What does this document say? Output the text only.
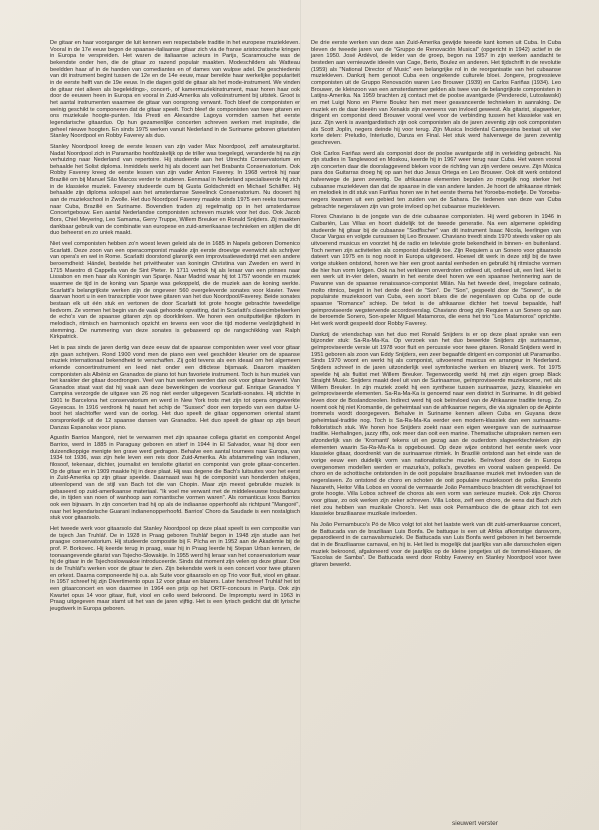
De gitaar en haar voorganger de luit kennen een respectabele traditie in het europese muziekleven. Vooral in de 17e eeuw begon de spaanse-italiaanse gitaar zich via de franse aristocratische kringen in Europa te verspreiden. Het waren de italiaanse acteurs in Parijs, Scaramouche was de bekendste onder hen, die de gitaar zo razend populair maakten. Modeschilders als Watteau beeldden haar af in de handen van comediantes en of dames van wulpse adel. De geschiedenis van dit instrument begint tussen de 12e en de 14e eeuw, maar bereikte haar werkelijke populariteit in de eerste helft van de 19e eeuw. In die dagen gold de gitaar als het mode-instrument. We vinden de gitaar niet alleen als begeleidings-, concert-, of kamermuziekinstrument, maar horen haar ook door de eeuwen heen in Europa en vooral in Zuid-Amerika als volksinstrument bij uitstek. Groot is het aantal instrumenten waarmee de gitaar van oorsprong verwant. Toch bleef de componisten er weinig geschikt te componeren dat de gitaar speelt. Toch bleef de componisten van twee gitaren en ons muziekale hoogte-punten. Ida Presti en Alexandre Lagoya vormden samen het eerste legendarische gitaarduo. Op hun gezamenlijke concerten schreven werken met inspiratie, die geheel nieuwe hoogten. En sinds 1975 werken vanuit Nederland in de Suriname geboren gitaristen Stanley Noordpool en Robby Faverey als duo.

Stanley Noordpool kreeg de eerste lessen van zijn vader Max Noordpool, zelf amateurgitarist. Nadat Noordpool zich in Paramaribo hoofdzakelijk op de triller was toegelegd, veranderde hij na zijn verhuizing naar Nederland van repertoire. Hij studeerde aan het Utrechts Conservatorium en behaalde het Solist diploma. Inmiddels werkt hij als docent aan het Brabants Conservatorium. Ook Robby Faverey kreeg de eerste lessen van zijn vader Anton Faverey. In 1968 vertrok hij naar Brazilië om bij Manuel São Marcos verder te studeren. Eenmaal in Nederland specialiseerde hij zich in de klassieke muziek. Faverey studeerde cum bij Gusta Goldschmidt en Michael Schäffer. Hij behaalde zijn diploma solospel aan het amsterdamse Sweelinck Conservatorium. Nu doceert hij aan de muziekschool in Zwolle. Het duo Noordpool Faverey maakte sinds 1975 een reeks tournees naar Cuba, Brazilië en Suriname. Bovendien traden zij regelmatig op in het amsterdamse Concertgebouw. Een aantal Nederlandse componisten schreven muziek voor het duo. Ook Jacob Bors, Chiel Meyering, Leo Samama, Gerry Truppe, Willem Breuker en Ronald Snijders. Zij maakten dankbaar gebruik van de combinatie van europese en zuid-amerikaanse technieken en stijlen die dit duo beheerst en zo uniek maakt.

Niet veel componisten hebben zo'n woest leven geleid als de in 1685 in Napels geboren Domenico Scarlatti. Deze zoon van een operacomponist maakte zijn eerste droevige evenwicht als schrijver van opera's en wel in Rome. Scarlatti doorstond glansrijk een improvisatiewedstrijd met een andere beroemdheid: Händel, bestelde het privétheater van koningin Christina van Zweden en werd in 1715 Maestro di Cappella van de Sint Pieter. In 1711 vertrok hij als leraar van een prinses naar Lissabon en men haar als Koningin van Spanje. Naar Madrid waar hij tot 1757 woonde en muziek waarmee de tijd in de koning van Spanje was gekoppeld, die de muziek aan de koning werkte. Scarlatti's belangrijkste werken zijn de ongeveer 560 overgeleverde sonates voor klavier. Twee daarvan hoort u in een transcriptie voor twee gitaren van het duo Noordpool/Faverey. Beide sonates bestaan elk uit één stuk en vertonen de door Scarlatti tot grote hoogte gebrachte tweedelige liedvorm. Ze vormen het begin van de vaak gehoorde opvatting, dat in Scarlatti's clavecimbelwerken de echo's van de spaanse gitaren zijn op doorklinken. We horen een onuitputtelijke rijkdom in melodisch, ritmisch en harmonisch opzicht en tevens een voor die tijd moderne veelzijdigheid in stemming. De nummering van deze sonates is gebaseerd op de rangschikking van Ralph Kirkpatrick.

Het is pas sinds de jaren dertig van deze eeuw dat de spaanse componisten weer veel voor gitaar zijn gaan schrijven. Rond 1900 vond men de piano een veel geschikter kleurier om de spaanse muziek internationaal bekendheid te verschaffen. Zij gold tevens als een ideaal om het algemeen erkende concertinstrument en leed niet onder een ditictese bijsmaak. Daarom maakten componisten als Albéniz en Granados de piano tot hun favoriete instrument. Toch is hun muziek van het karakter der gitaar doordrongen. Veel van hun werken werden dan ook voor gitaar bewerkt. Van Granados staat vast dat hij vaak aan deze bewerkingen de voorkeur gaf. Enrique Granados Y Campina verzorgde de uitgave van 26 nog niet eerder uitgegeven Scarlatti-sonates. Hij stichtte in 1901 te Barcelona het conservatorium en werd in New York trots met zijn tot opera omgewerkte Goyescas. In 1916 verdronk hij naast het schip de "Sussex" door een torpedo van een duitse U-boot het slachtoffer werd van de oorlog. Het duo speelt de gitaar opgenomen oriental stamt oorspronkelijk uit de 12 spaanse dansen van Granados. Het duo speelt de gitaar op zijn beurt Danzas Espanolas voor piano.

Agustín Barrios Mangoré, niet te verwarren met zijn spaanse collega gitarist en componist Angel Barrios, werd in 1885 in Paraguay geboren en stierf in 1944 in El Salvador, waar hij door een duizendkoppige menigte ten grave werd gedragen. Behalve een aantal tournees naar Europa, van 1934 tot 1936, was zijn hele leven een reis door Zuid-Amerika. Als afstammeling van indianen, filosoof, tekenaar, dichter, journalist en tenslotte gitarist en componist van grote gitaar-concerten. Op de gitaar en in 1909 maakte hij in deze plaat. Hij was degene die Bach's luitsuites voor het eerst in Zuid-Amerika op zijn gitaar speelde. Daarnaast was hij de componist van honderden stukjes, uiteenlopend van de stijl van Bach tot die van Chopin. Maar zijn meest gebruikte muziek is gebaseerd op zuid-amerikaanse materiaal. "Ik voel me verwant met de middeleeuwse troubadours die, in tijden van noen of wanhoop aan romantische vormen waren". Als romanticus koos Barrios ook een bijnaam. In zijn concerten trad hij op als de indiaanse opperhoofd als richtpunt "Mangoré", naar het legendarische Guarani indianenopperhoofd. Barrios' Choro da Saudade is een nostalgisch stuk voor gitaarsolo.

Het tweede werk voor gitaarsolo dat Stanley Noordpool op deze plaat speelt is een compositie van de tsjech Jan Truhlář. De in 1928 in Praag geboren Truhlář begon in 1948 zijn studie aan het praagse conservatorium. Hij studeerde compositie bij F. Pícha en in 1952 aan de Akademie bij de prof. P. Borkovec. Hij keerde terug in praag, waar hij in Praag leerde hij Stepan Urban kennen, de toonaangevende gitarist van Tsjecho-Slowakije. In 1955 werd hij leraar van het conservatorium waar hij de gitaar in de Tsjechoslowaakse introduceerde. Sinds dat moment zijn velen op deze gitaar. Doe is de Truhlář's werken voor de gitaar te zien. Zijn bekendste werk is een concert voor twee gitaren en orkest. Daarna componeerde hij o.a. als Suite voor gitaarsolo en op Trio voor fluit, viool en gitaar. In 1957 schreef hij zijn Divertimento opus 12 voor gitaar en blazers. Later herschreef Truhlář het tot een gitaarconcert en won daarmee in 1964 een prijs op het ORTF-concours in Parijs. Ook zijn Kwartet opus 14 voor gitaar, fluit, viool en cello werd bekroond. De Impromptu werd in 1963 in Praag uitgegeven maar stamt uit het van de jaren vijftig. Het is een lyrisch gedicht dat dit lyrische jeugdwerk in Europa geboren.

De drie eerste werken van deze aan Zuid-Amerika gewijde tweede kant komen uit Cuba. In Cuba bleven de tweede jaren van de "Gruppo de Renovación Musical" (opgericht in 1942) actief in de jaren 1950. José Ardévol, de leider van de groep, begon na 1957 in zijn werken aandacht te besteden aan vernieuwde ideeën van Cage, Berio, Boulez en anderen. Het tijdschrift in de revolutie (1959) als "National Director of Music" een belangrijke rol in de reorganisatie van het cubaanse muziekleven. Dankzij hem genoot Cuba een ongekende culturele bloei. Jongere, progressieve componisten uit de Gruppo Renovación waren Leo Brouwer (1939) en Carlos Fariñas (1934). Leo Brouwer, de kleinzoon van een amsterdammer gelden als twee van de belangrijkste componisten in Latijns-Amerika. Na 1959 brachten zij contact met de poolse avantgarde (Penderecki, Lutosławski) en met Luigi Nono en Pierre Boulez hen met meer geavanceerde technieken in aanraking. De muziek en de daar ideeën van Xenakis zijn eveneens van invloed geweest. Als gitarist, slagwerker, dirigent en componist deed Brouwer vooral veel voor de verbinding tussen het klassieke vak en jazz. Zijn werk is avantgardistisch zijn ook componisten als de jaren zeventig zijn ook componisten als Scott Joplin, negers deinde hij voor terug. Zijn Musica Incidental Campesina bestaat uit vier korte delen: Preludio, Interludio, Danza en Final. Het stuk werd halverwege de jaren zeventig geschreven.

Ook Carlos Fariñas werd als componist door de poolse avantgarde stijl in verleiding gebracht. Na zijn studies in Tanglewood en Moskou, keerde hij in 1967 weer terug naar Cuba. Het waren vooral zijn concerten daar die doorslaggevend bleken voor de richting van zijn verdere oeuvre. Zijn Música para dos Guitarras droeg hij op aan het duo Jesus Ortega en Leo Brouwer. Ook dit werk ontstond halverwege de jaren zeventig. De afrikaanse elementen bepalen zo mogelijk nog sterker het cubaanse muziekleven dan dat de spaanse in die van andere landen. Je hoort de afrikaanse ritmiek en melodiek in dit stuk van Fariñas horen we in het eerste thema het Yoroeba-motiefje. De Yoroeba-negers kwamen uit een gebied ten zuiden van de Sahara. De tiedenen van deze van Cuba gebrachte negerslaven zijn van grote invloed op het cubaanse muziekleven.

Flores Chaviano is de jongste van de drie cubaanse componisten. Hij werd geboren in 1946 in Caibarién, Las Villas en hoort duidelijk tot de tweede generatie. Na een algemene opleiding studeerde hij gitaar bij de cubaanse "Sodfischer" van dit instrument Isaac Nicola, leerlingen van Oscar Vargas en volgde cursussen bij Leo Brouwer. Chaviano treedt sinds 1970 steeds vaker op als uitvoerend musicus en voorziet hij de radio en televisie grote bekendheid in binnen- en buitenland. Toch nemen zijn activiteiten als componist duidelijk toe. Zijn Requiem a un Sonero voor gitaarsolo dateert van 1975 en is nog nooit in Europa uitgevoerd. Hoewel dit werk in deze stijl bij de twee vorige stukken ontstond, horen we hier een groot aantal eenheden en gebruikt hij ritmische vormen die hier hun vorm krijgen. Ook na het verklaren onverdroten ontleed uit, ontleed uit, een lied. Het is een werk uit in-vier delen, waarin in het eerste deel horen we een spaanse herinnering aan de Pavanne van de spaanse renaissance-componist Milán. Na het tweede deel, irregolare ostinato, molto ritmico, begint in het derde deel de "Son". De "Son", gespeeld door de "Sonero", is de populairste muzieksoort van Cuba, een soort blues die de negerslaven op Cuba op de oude spaanse "Romance" schiep. De tekst is de afrikaanse dichter het toeval bepaalde, half geimproviseerde wegstervende accordoverslag. Chaviano droeg zijn Requiem a un Sonero op aan de beroemde Sonero, Son-speler Miguel Matamoros, die eens het trio "Los Matamoros" oprichtte. Het werk wordt gespeeld door Robby Faverey.

Dankzij de vriendschap van het duo met Ronald Snijders is er op deze plaat sprake van een bijzonder stuk: Sa-Ra-Ma-Ka. Op verzoek van het duo bewerkte Snijders zijn surinaamse, geïmproviseerde versie uit 1978 voor fluit en percussie voor twee gitaren. Ronald Snijders werd in 1951 geboren als zoon van Eddy Snijders, een zeer begaafde dirigent en componist uit Paramaribo. Sinds 1970 woont en werkt hij als componist, uitvoerend musicus en arrangeur in Nederland. Snijders schreef in de jaren uitzonderlijk veel symfonische werken en blazerij werk. Tot 1975 speelde hij als fluitist met Willem Breuker. Tegenwoordig werkt hij met zijn eigen groep Black Straight Music. Snijders maakt deel uit van de Surinaamse, geïmproviseerde muziekscene, net als Willem Breuker. In zijn muziek zoekt hij een synthese tussen surinaamse, jazzy, klassieke en geïmproviseerde elementen. Sa-Ra-Ma-Ka is genoemd naar een district in Suriname. In dit gebied leven door de Boslandcreolen. Indirect werd hij ook beïnvloed van de Afrikaanse traditie terug. Zo noemt ook hij niet Kromantie, de geheimtaal van de afrikaanse negers, die via signalen op de Apinte trommels wordt doorgegeven. Behalve in Suriname kennen alleen Cuba en Guyana deze geheimtaal-traditie nog. Toch is Sa-Ra-Ma-Ka eerder een modern-klassiek dan een surinaams-folkloristisch stuk. We horen hoe Snijders zoekt naar een eigen weergave van de surinaamse traditie. Herhalingen, jazzy riffs, ook meer dan ooit een marine. Thematische uitspraken nemen een afzonderlijk van de 'Kromanti' tekens uit en gezag aan de ouderdom slagwerktechnieken zijn elementen waarin Sa-Ra-Ma-Ka is opgebouwd. Op deze wijze ontstond het eerste werk voor klassieke gitaar, doordrenkt van de surinaamse ritmiek. In Brazilië ontstond aan het einde van de vorige eeuw een duidelijk vorm van nationalistische muziek. Beïnvloed door de in Europa overgenomen modellen werden er mazurka's, polka's, gevottes en vooral walsen gespeeld. De choro en de schottische ontstonden in de ooit populaire braziliaanse muziek met invloeden van de negerslaven. Zo ontstond de choro en schoten de ooit populaire muzieksoort de polka. Ernesto Nazareth, Heitor Villa Lobos en vooral de vermaarde João Pernambuco brachten dit verschijnsel tot grote hoogte. Villa Lobos schreef de choros als een vorm van serieuze muziek. Ook zijn Choros voor gitaar, zo ook werken zijn zeker schreven. Villa Lobos, zelf een choro, de eens dat Bach zich niet zou hebben van muzikale Choro's. Het was ook Pernambuco die de gitaar zich tot een klassieke braziliaanse muzikale invloeden.

Na João Pernambuco's Pó de Mico volgt tot slot het laatste werk van dit zuid-amerikaanse concert, de Battucada van de braziliaan Luis Bonfa. De battuque is een uit Afrika afkomstige dansvorm, geparodieerd in de carnavalsmuziek. De Battucada van Luis Bonfa werd geboren in het beroemde dat in de Braziliaanse carnaval, en hij is. Het lied is mogelijk dat jaarlijks van alle dansscholen eigen muziek bekroond, afgaloneerd voor de jaarlijks op de kleine jongetjes uit de tommel-klassen, de "Escolas de Samba". De Battucada werd door Robby Faverey en Stanley Noordpool voor twee gitaren bewerkt.

sieuwert verster
